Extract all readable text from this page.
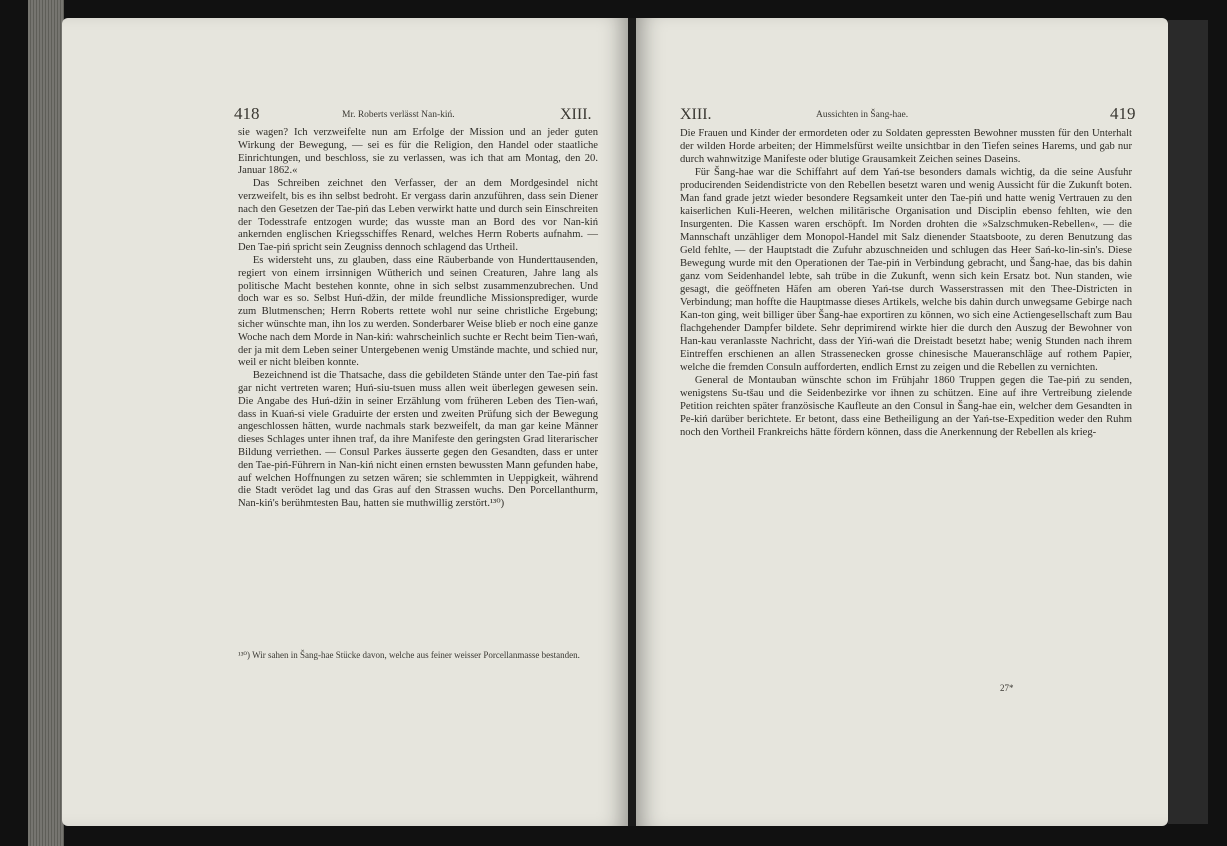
418	Mr. Roberts verlässt Nan-kiń.	XIII.	XIII.	Aussichten in Šang-hae.	419

sie wagen? Ich verzweifelte nun am Erfolge der Mission und an jeder guten Wirkung der Bewegung, — sei es für die Religion, den Handel oder staatliche Einrichtungen, und beschloss, sie zu verlassen, was ich that am Montag, den 20. Januar 1862.«

Das Schreiben zeichnet den Verfasser, der an dem Mordgesindel nicht verzweifelt, bis es ihn selbst bedroht. Er vergass darin anzuführen, dass sein Diener nach den Gesetzen der Tae-piń das Leben verwirkt hatte und durch sein Einschreiten der Todesstrafe entzogen wurde; das wusste man an Bord des vor Nan-kiń ankernden englischen Kriegsschiffes Renard, welches Herrn Roberts aufnahm. — Den Tae-piń spricht sein Zeugniss dennoch schlagend das Urtheil.

Es widersteht uns, zu glauben, dass eine Räuberbande von Hunderttausenden, regiert von einem irrsinnigen Wütherich und seinen Creaturen, Jahre lang als politische Macht bestehen konnte, ohne in sich selbst zusammenzubrechen. Und doch war es so. Selbst Huń-džin, der milde freundliche Missionsprediger, wurde zum Blutmenschen; Herrn Roberts rettete wohl nur seine christliche Ergebung; sicher wünschte man, ihn los zu werden. Sonderbarer Weise blieb er noch eine ganze Woche nach dem Morde in Nan-kiń: wahrscheinlich suchte er Recht beim Tien-wań, der ja mit dem Leben seiner Untergebenen wenig Umstände machte, und schied nur, weil er nicht bleiben konnte.

Bezeichnend ist die Thatsache, dass die gebildeten Stände unter den Tae-piń fast gar nicht vertreten waren; Huń-siu-tsuen muss allen weit überlegen gewesen sein. Die Angabe des Huń-džin in seiner Erzählung vom früheren Leben des Tien-wań, dass in Kuań-si viele Graduirte der ersten und zweiten Prüfung sich der Bewegung angeschlossen hätten, wurde nachmals stark bezweifelt, da man gar keine Männer dieses Schlages unter ihnen traf, da ihre Manifeste den geringsten Grad literarischer Bildung verriethen. — Consul Parkes äusserte gegen den Gesandten, dass er unter den Tae-piń-Führern in Nan-kiń nicht einen ernsten bewussten Mann gefunden habe, auf welchen Hoffnungen zu setzen wären; sie schlemmten in Ueppigkeit, während die Stadt verödet lag und das Gras auf den Strassen wuchs. Den Porcellanthurm, Nan-kiń's berühmtesten Bau, hatten sie muthwillig zerstört.¹³⁰)

¹³⁰) Wir sahen in Šang-hae Stücke davon, welche aus feiner weisser Porcellanmasse bestanden.

Die Frauen und Kinder der ermordeten oder zu Soldaten gepressten Bewohner mussten für den Unterhalt der wilden Horde arbeiten; der Himmelsfürst weilte unsichtbar in den Tiefen seines Harems, und gab nur durch wahnwitzige Manifeste oder blutige Grausamkeit Zeichen seines Daseins.

Für Šang-hae war die Schiffahrt auf dem Yań-tse besonders damals wichtig, da die seine Ausfuhr producirenden Seidendistricte von den Rebellen besetzt waren und wenig Aussicht für die Zukunft boten. Man fand grade jetzt wieder besondere Regsamkeit unter den Tae-piń und hatte wenig Vertrauen zu den kaiserlichen Kuli-Heeren, welchen militärische Organisation und Disciplin ebenso fehlten, wie den Insurgenten. Die Kassen waren erschöpft. Im Norden drohten die »Salzschmuken-Rebellen«, — die Mannschaft unzähliger dem Monopol-Handel mit Salz dienender Staatsboote, zu deren Benutzung das Geld fehlte, — der Hauptstadt die Zufuhr abzuschneiden und schlugen das Heer Sań-ko-lin-sin's. Diese Bewegung wurde mit den Operationen der Tae-piń in Verbindung gebracht, und Šang-hae, das bis dahin ganz vom Seidenhandel lebte, sah trübe in die Zukunft, wenn sich kein Ersatz bot. Nun standen, wie gesagt, die geöffneten Häfen am oberen Yań-tse durch Wasserstrassen mit den Thee-Districten in Verbindung; man hoffte die Hauptmasse dieses Artikels, welche bis dahin durch unwegsame Gebirge nach Kan-ton ging, weit billiger über Šang-hae exportiren zu können, wo sich eine Actiengesellschaft zum Bau flachgehender Dampfer bildete. Sehr deprimirend wirkte hier die durch den Auszug der Bewohner von Han-kau veranlasste Nachricht, dass der Yiń-wań die Dreistadt besetzt habe; wenig Stunden nach ihrem Eintreffen erschienen an allen Strassenecken grosse chinesische Maueranschläge auf rothem Papier, welche die fremden Consuln aufforderten, endlich Ernst zu zeigen und die Rebellen zu vernichten.

General de Montauban wünschte schon im Frühjahr 1860 Truppen gegen die Tae-piń zu senden, wenigstens Su-tšau und die Seidenbezirke vor ihnen zu schützen. Eine auf ihre Vertreibung zielende Petition reichten später französische Kaufleute an den Consul in Šang-hae ein, welcher dem Gesandten in Pe-kiń darüber berichtete. Er betont, dass eine Betheiligung an der Yań-tse-Expedition weder den Ruhm noch den Vortheil Frankreichs hätte fördern können, dass die Anerkennung der Rebellen als krieg-

27*
